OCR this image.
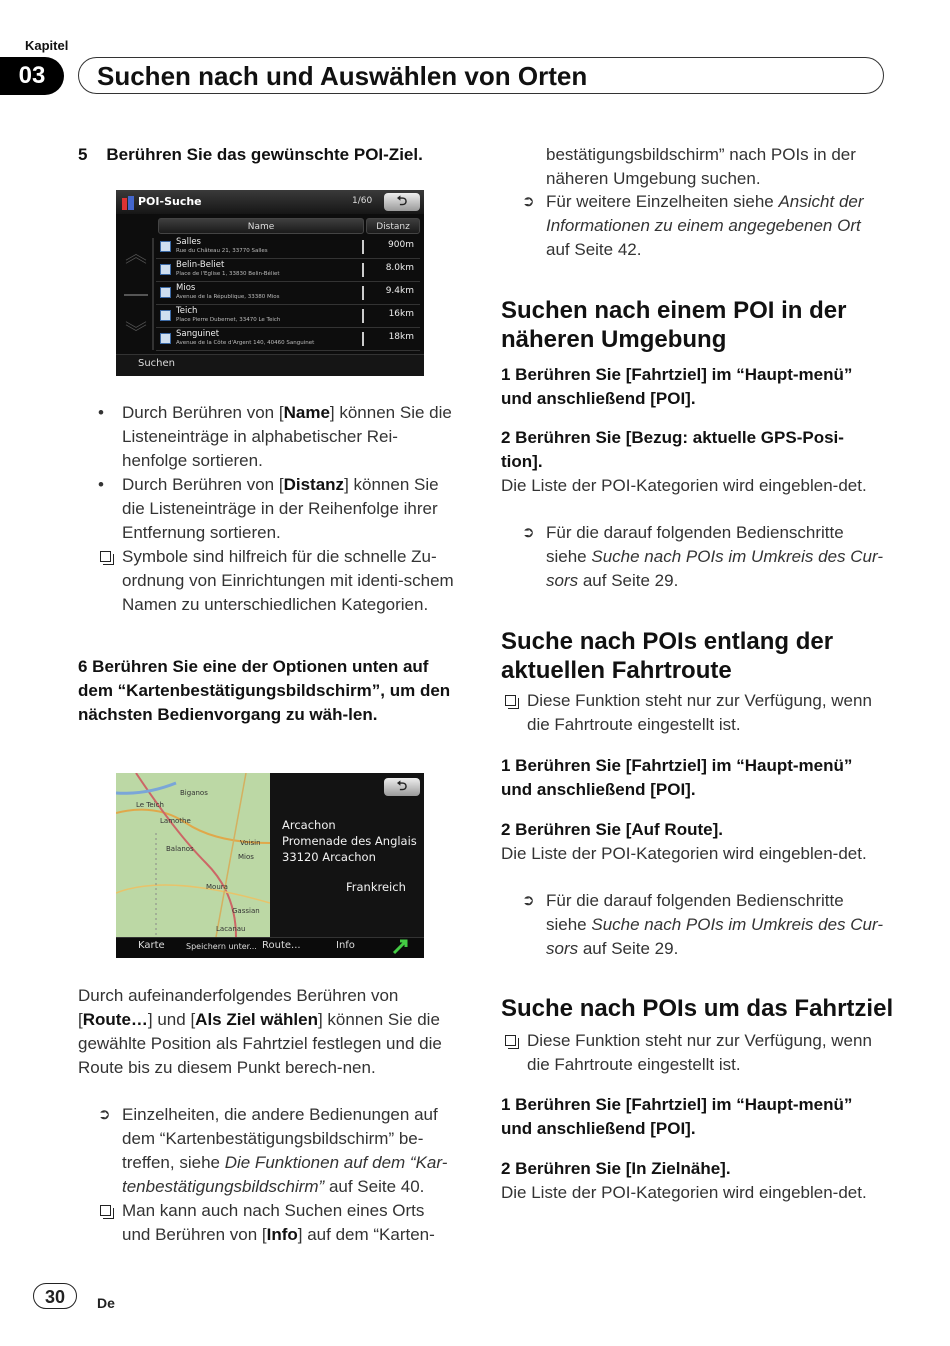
Kapitel
03	Suchen nach und Auswählen von Orten
5    Berühren Sie das gewünschte POI-Ziel.
POI-Suche	1/60	⮌
Name	Distanz
︽
︾
Salles
Rue du Château 21, 33770 Salles
900m
Belin-Beliet
Place de l'Eglise 1, 33830 Belin-Béliet
8.0km
Mios
Avenue de la République, 33380 Mios
9.4km
Teich
Place Pierre Dubernet, 33470 Le Teich
16km
Sanguinet
Avenue de la Côte d'Argent 140, 40460 Sanguinet
18km
Suchen
• Durch Berühren von [Name] können Sie die Listeneinträge in alphabetischer Rei-henfolge sortieren.
• Durch Berühren von [Distanz] können Sie die Listeneinträge in der Reihenfolge ihrer Entfernung sortieren.
Symbole sind hilfreich für die schnelle Zu-ordnung von Einrichtungen mit identi-schem Namen zu unterschiedlichen Kategorien.
6 Berühren Sie eine der Optionen unten auf dem “Kartenbestätigungsbildschirm”, um den nächsten Bedienvorgang zu wäh-len.
Biganos
Le Teich
Lamothe
Balanos
Voisin
Mios
Moura
Gassian
Lacanau
⮌
Arcachon
Promenade des Anglais
33120 Arcachon
Frankreich
Karte	Speichern unter... Route...	Info
Durch aufeinanderfolgendes Berühren von [Route…] und [Als Ziel wählen] können Sie die gewählte Position als Fahrtziel festlegen und die Route bis zu diesem Punkt berech-nen.
➲ Einzelheiten, die andere Bedienungen auf dem “Kartenbestätigungsbildschirm” be-treffen, siehe Die Funktionen auf dem “Kar-tenbestätigungsbildschirm” auf Seite 40.
Man kann auch nach Suchen eines Orts und Berühren von [Info] auf dem “Karten-
bestätigungsbildschirm” nach POIs in der näheren Umgebung suchen.
➲ Für weitere Einzelheiten siehe Ansicht der Informationen zu einem angegebenen Ort auf Seite 42.
Suchen nach einem POI in der näheren Umgebung
1 Berühren Sie [Fahrtziel] im “Haupt-menü” und anschließend [POI].
2 Berühren Sie [Bezug: aktuelle GPS-Posi-tion].
Die Liste der POI-Kategorien wird eingeblen-det.
➲ Für die darauf folgenden Bedienschritte siehe Suche nach POIs im Umkreis des Cur-sors auf Seite 29.
Suche nach POIs entlang der aktuellen Fahrtroute
Diese Funktion steht nur zur Verfügung, wenn die Fahrtroute eingestellt ist.
1 Berühren Sie [Fahrtziel] im “Haupt-menü” und anschließend [POI].
2 Berühren Sie [Auf Route].
Die Liste der POI-Kategorien wird eingeblen-det.
➲ Für die darauf folgenden Bedienschritte siehe Suche nach POIs im Umkreis des Cur-sors auf Seite 29.
Suche nach POIs um das Fahrtziel
Diese Funktion steht nur zur Verfügung, wenn die Fahrtroute eingestellt ist.
1 Berühren Sie [Fahrtziel] im “Haupt-menü” und anschließend [POI].
2 Berühren Sie [In Zielnähe].
Die Liste der POI-Kategorien wird eingeblen-det.
30	De
